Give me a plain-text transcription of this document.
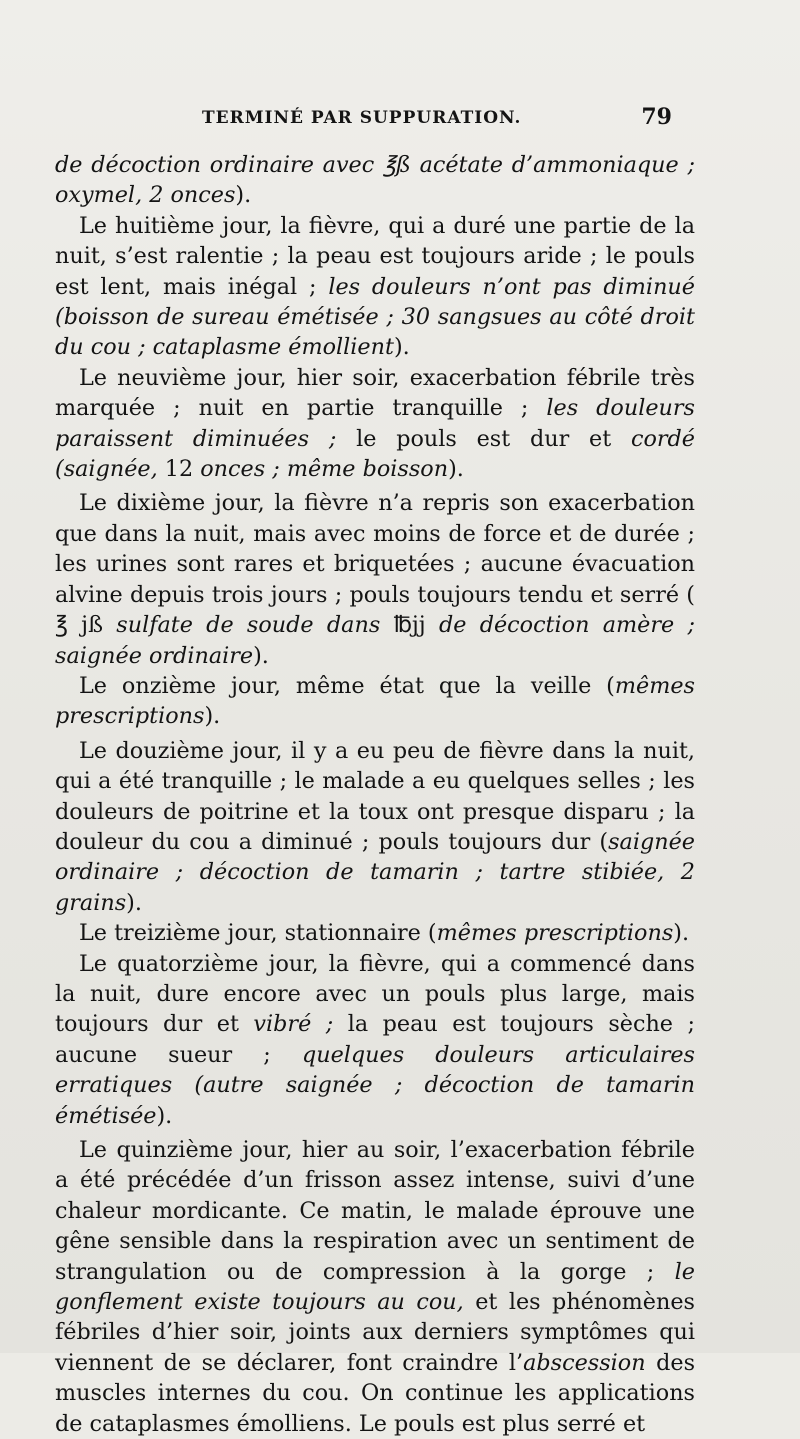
TERMINÉ PAR SUPPURATION.	79

de décoction ordinaire avec ℥ß acétate d’ammoniaque ; oxymel, 2 onces).

Le huitième jour, la fièvre, qui a duré une partie de la nuit, s’est ralentie ; la peau est toujours aride ; le pouls est lent, mais inégal ; les douleurs n’ont pas diminué (boisson de sureau émétisée ; 30 sangsues au côté droit du cou ; cataplasme émollient).

Le neuvième jour, hier soir, exacerbation fébrile très marquée ; nuit en partie tranquille ; les douleurs paraissent diminuées ; le pouls est dur et cordé (saignée, 12 onces ; même boisson).

Le dixième jour, la fièvre n’a repris son exacerbation que dans la nuit, mais avec moins de force et de durée ; les urines sont rares et briquetées ; aucune évacuation alvine depuis trois jours ; pouls toujours tendu et serré ( ℥ jß sulfate de soude dans ℔jj de décoction amère ; saignée ordinaire).

Le onzième jour, même état que la veille (mêmes prescriptions).

Le douzième jour, il y a eu peu de fièvre dans la nuit, qui a été tranquille ; le malade a eu quelques selles ; les douleurs de poitrine et la toux ont presque disparu ; la douleur du cou a diminué ; pouls toujours dur (saignée ordinaire ; décoction de tamarin ; tartre stibiée, 2 grains).

Le treizième jour, stationnaire (mêmes prescriptions).

Le quatorzième jour, la fièvre, qui a commencé dans la nuit, dure encore avec un pouls plus large, mais toujours dur et vibré ; la peau est toujours sèche ; aucune sueur ; quelques douleurs articulaires erratiques (autre saignée ; décoction de tamarin émétisée).

Le quinzième jour, hier au soir, l’exacerbation fébrile a été précédée d’un frisson assez intense, suivi d’une chaleur mordicante. Ce matin, le malade éprouve une gêne sensible dans la respiration avec un sentiment de strangulation ou de compression à la gorge ; le gonflement existe toujours au cou, et les phénomènes fébriles d’hier soir, joints aux derniers symptômes qui viennent de se déclarer, font craindre l’abscession des muscles internes du cou. On continue les applications de cataplasmes émolliens. Le pouls est plus serré et
